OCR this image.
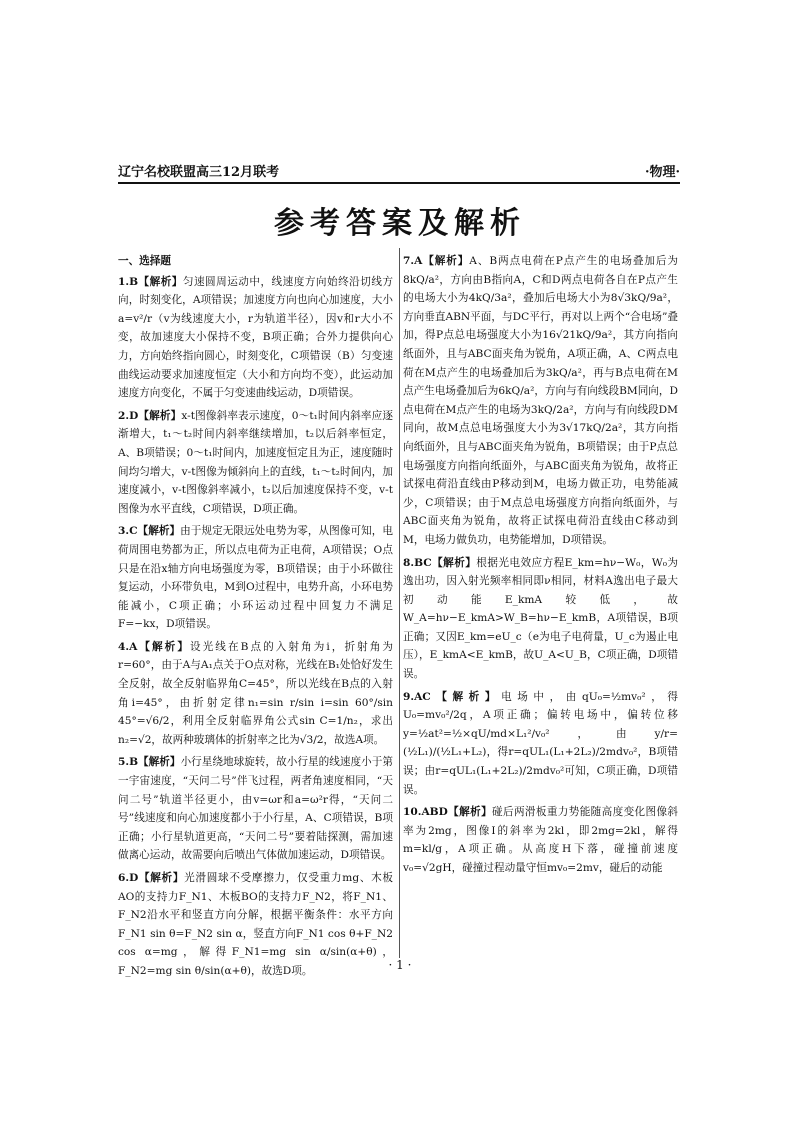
辽宁名校联盟高三12月联考	·物理·
参考答案及解析
一、选择题

1.B【解析】匀速圆周运动中，线速度方向始终沿切线方向，时刻变化，A项错误；加速度方向也向心加速度，大小a=v²/r（v为线速度大小，r为轨道半径），因v和r大小不变，故加速度大小保持不变，B项正确；合外力提供向心力，方向始终指向圆心，时刻变化，C项错误（B）匀变速曲线运动要求加速度恒定（大小和方向均不变），此运动加速度方向变化，不属于匀变速曲线运动，D项错误。

2.D【解析】x-t图像斜率表示速度，0～t₁时间内斜率应逐渐增大，t₁～t₂时间内斜率继续增加，t₂以后斜率恒定，A、B项错误；0～t₁时间内，加速度恒定且为正，速度随时间均匀增大，v-t图像为倾斜向上的直线，t₁～t₂时间内，加速度减小，v-t图像斜率减小，t₂以后加速度保持不变，v-t图像为水平直线，C项错误，D项正确。

3.C【解析】由于规定无限远处电势为零，从图像可知，电荷周围电势都为正，所以点电荷为正电荷，A项错误；O点只是在沿x轴方向电场强度为零，B项错误；由于小环做往复运动，小环带负电，M到O过程中，电势升高，小环电势能减小，C项正确；小环运动过程中回复力不满足F=−kx，D项错误。

4.A【解析】设光线在B点的入射角为i，折射角为r=60°，由于A与A₁点关于O点对称，光线在B₁处恰好发生全反射，故全反射临界角C=45°，所以光线在B点的入射角i=45°，由折射定律n₁=sin r/sin i=sin 60°/sin 45°=√6/2，利用全反射临界角公式sin C=1/n₂，求出n₂=√2，故两种玻璃体的折射率之比为√3/2，故选A项。

5.B【解析】小行星绕地球旋转，故小行星的线速度小于第一宇宙速度，“天问二号”伴飞过程，两者角速度相同，“天问二号”轨道半径更小，由v=ωr和a=ω²r得，“天问二号”线速度和向心加速度都小于小行星，A、C项错误，B项正确；小行星轨道更高，“天问二号”要着陆探测，需加速做离心运动，故需要向后喷出气体做加速运动，D项错误。

6.D【解析】光滑圆球不受摩擦力，仅受重力mg、木板AO的支持力F_N1、木板BO的支持力F_N2，将F_N1、F_N2沿水平和竖直方向分解，根据平衡条件：水平方向F_N1 sin θ=F_N2 sin α，竖直方向F_N1 cos θ+F_N2 cos α=mg，解得F_N1=mg sin α/sin(α+θ)，F_N2=mg sin θ/sin(α+θ)，故选D项。

7.A【解析】A、B两点电荷在P点产生的电场叠加后为8kQ/a²，方向由B指向A，C和D两点电荷各自在P点产生的电场大小为4kQ/3a²，叠加后电场大小为8√3kQ/9a²，方向垂直ABN平面，与DC平行，再对以上两个“合电场”叠加，得P点总电场强度大小为16√21kQ/9a²，其方向指向纸面外，且与ABC面夹角为锐角，A项正确，A、C两点电荷在M点产生的电场叠加后为3kQ/a²，再与B点电荷在M点产生电场叠加后为6kQ/a²，方向与有向线段BM同向，D点电荷在M点产生的电场为3kQ/2a²，方向与有向线段DM同向，故M点总电场强度大小为3√17kQ/2a²，其方向指向纸面外，且与ABC面夹角为锐角，B项错误；由于P点总电场强度方向指向纸面外，与ABC面夹角为锐角，故将正试探电荷沿直线由P移动到M，电场力做正功，电势能减少，C项错误；由于M点总电场强度方向指向纸面外，与ABC面夹角为锐角，故将正试探电荷沿直线由C移动到M，电场力做负功，电势能增加，D项错误。

8.BC【解析】根据光电效应方程E_km=hν−W₀，W₀为逸出功，因入射光频率相同即ν相同，材料A逸出电子最大初动能E_kmA较低，故W_A=hν−E_kmA>W_B=hν−E_kmB，A项错误，B项正确；又因E_km=eU_c（e为电子电荷量，U_c为遏止电压），E_kmA<E_kmB，故U_A<U_B，C项正确，D项错误。

9.AC【解析】电场中，由qU₀=½mv₀²，得U₀=mv₀²/2q，A项正确；偏转电场中，偏转位移y=½at²=½×qU/md×L₁²/v₀²，由y/r=(½L₁)/(½L₁+L₂)，得r=qUL₁(L₁+2L₂)/2mdv₀²，B项错误；由r=qUL₁(L₁+2L₂)/2mdv₀²可知，C项正确，D项错误。

10.ABD【解析】碰后两滑板重力势能随高度变化图像斜率为2mg，图像Ⅰ的斜率为2kl，即2mg=2kl，解得m=kl/g，A项正确。从高度H下落，碰撞前速度v₀=√2gH，碰撞过程动量守恒mv₀=2mv，碰后的动能

· 1 ·
